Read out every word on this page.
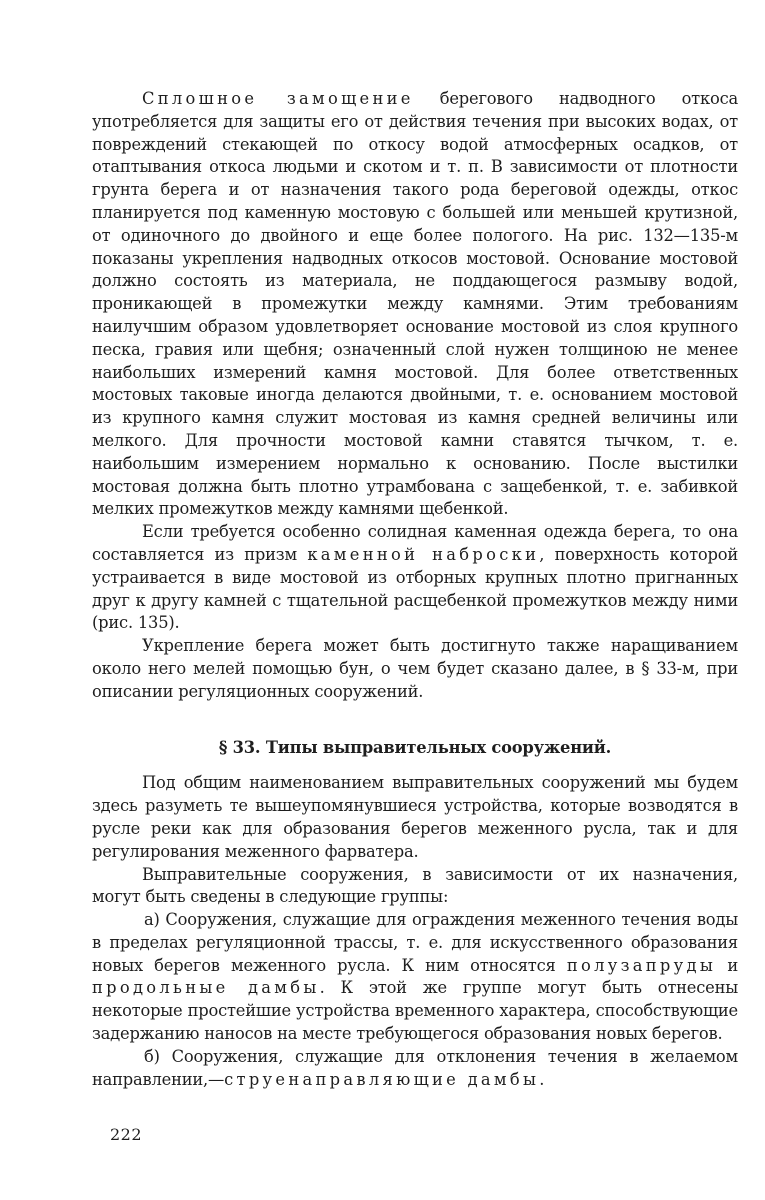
Сплошное замощение берегового надводного откоса употребляется для защиты его от действия течения при высоких водах, от повреждений стекающей по откосу водой атмосферных осадков, от отаптывания откоса людьми и скотом и т. п. В зависимости от плотности грунта берега и от назначения такого рода береговой одежды, откос планируется под каменную мостовую с большей или меньшей крутизной, от одиночного до двойного и еще более пологого. На рис. 132—135-м показаны укрепления надводных откосов мостовой. Основание мостовой должно состоять из материала, не поддающегося размыву водой, проникающей в промежутки между камнями. Этим требованиям наилучшим образом удовлетворяет основание мостовой из слоя крупного песка, гравия или щебня; означенный слой нужен толщиною не менее наибольших измерений камня мостовой. Для более ответственных мостовых таковые иногда делаются двойными, т. е. основанием мостовой из крупного камня служит мостовая из камня средней величины или мелкого. Для прочности мостовой камни ставятся тычком, т. е. наибольшим измерением нормально к основанию. После выстилки мостовая должна быть плотно утрамбована с защебенкой, т. е. забивкой мелких промежутков между камнями щебенкой.

Если требуется особенно солидная каменная одежда берега, то она составляется из призм каменной наброски, поверхность которой устраивается в виде мостовой из отборных крупных плотно пригнанных друг к другу камней с тщательной расщебенкой промежутков между ними (рис. 135).

Укрепление берега может быть достигнуто также наращиванием около него мелей помощью бун, о чем будет сказано далее, в § 33-м, при описании регуляционных сооружений.

§ 33. Типы выправительных сооружений.

Под общим наименованием выправительных сооружений мы будем здесь разуметь те вышеупомянувшиеся устройства, которые возводятся в русле реки как для образования берегов меженного русла, так и для регулирования меженного фарватера.

Выправительные сооружения, в зависимости от их назначения, могут быть сведены в следующие группы:

а) Сооружения, служащие для ограждения меженного течения воды в пределах регуляционной трассы, т. е. для искусственного образования новых берегов меженного русла. К ним относятся полузапруды и продольные дамбы. К этой же группе могут быть отнесены некоторые простейшие устройства временного характера, способствующие задержанию наносов на месте требующегося образования новых берегов.

б) Сооружения, служащие для отклонения течения в желаемом направлении,—струенаправляющие дамбы.

222
